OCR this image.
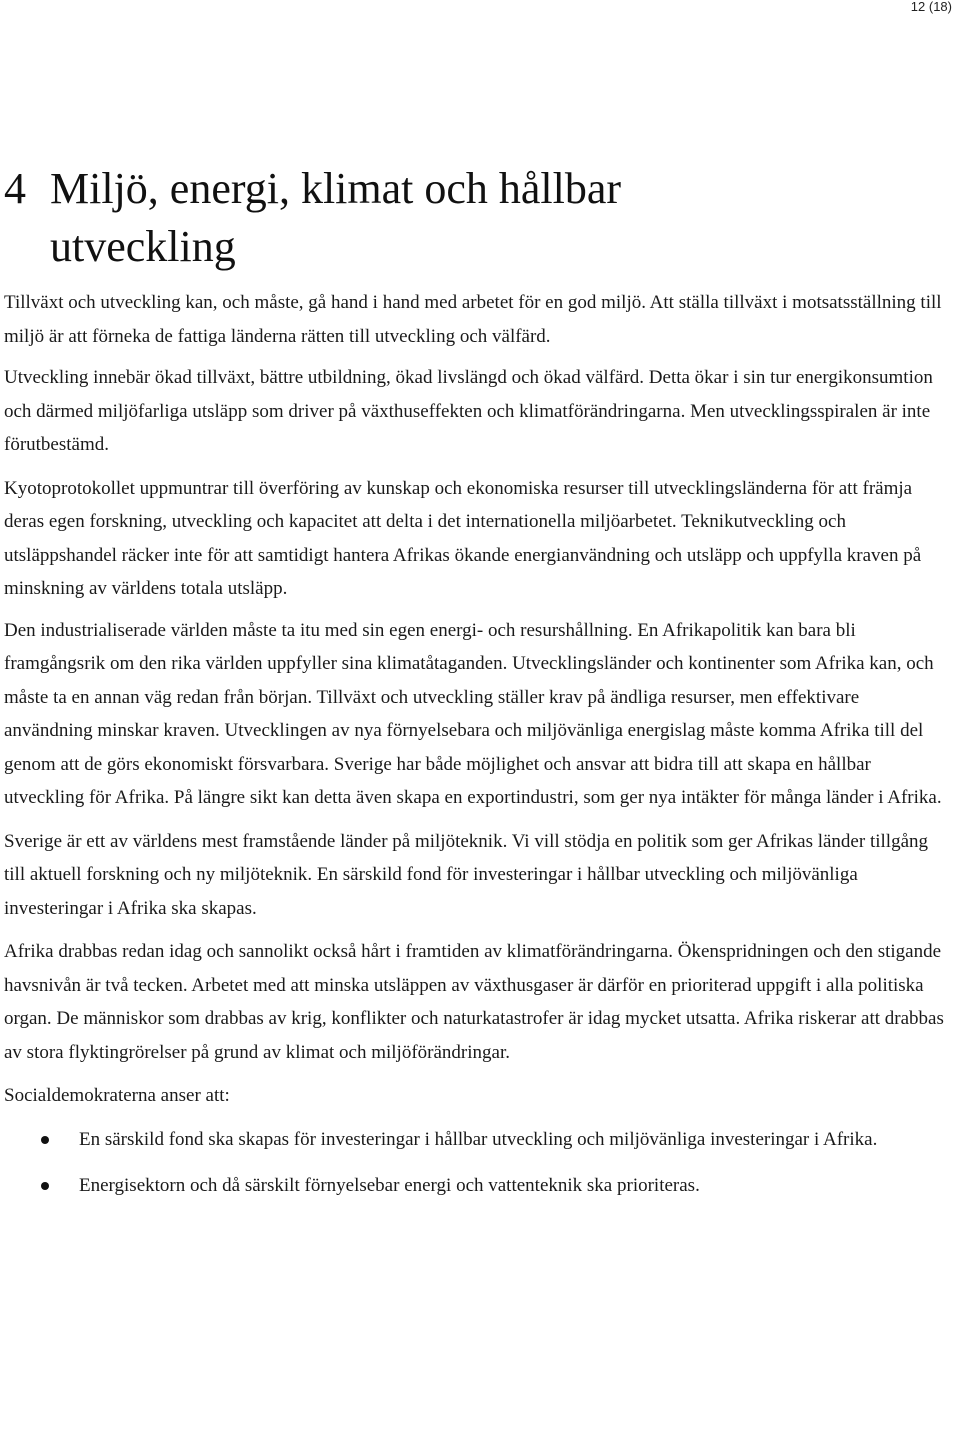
12 (18)
4 Miljö, energi, klimat och hållbar utveckling

Tillväxt och utveckling kan, och måste, gå hand i hand med arbetet för en god miljö. Att ställa tillväxt i motsatsställning till miljö är att förneka de fattiga länderna rätten till utveckling och välfärd.

Utveckling innebär ökad tillväxt, bättre utbildning, ökad livslängd och ökad välfärd. Detta ökar i sin tur energikonsumtion och därmed miljöfarliga utsläpp som driver på växthuseffekten och klimatförändringarna. Men utvecklingsspiralen är inte förutbestämd.

Kyotoprotokollet uppmuntrar till överföring av kunskap och ekonomiska resurser till utvecklingsländerna för att främja deras egen forskning, utveckling och kapacitet att delta i det internationella miljöarbetet. Teknikutveckling och utsläppshandel räcker inte för att samtidigt hantera Afrikas ökande energianvändning och utsläpp och uppfylla kraven på minskning av världens totala utsläpp.

Den industrialiserade världen måste ta itu med sin egen energi- och resurshållning. En Afrikapolitik kan bara bli framgångsrik om den rika världen uppfyller sina klimatåtaganden. Utvecklingsländer och kontinenter som Afrika kan, och måste ta en annan väg redan från början. Tillväxt och utveckling ställer krav på ändliga resurser, men effektivare användning minskar kraven. Utvecklingen av nya förnyelsebara och miljövänliga energislag måste komma Afrika till del genom att de görs ekonomiskt försvarbara. Sverige har både möjlighet och ansvar att bidra till att skapa en hållbar utveckling för Afrika. På längre sikt kan detta även skapa en exportindustri, som ger nya intäkter för många länder i Afrika.

Sverige är ett av världens mest framstående länder på miljöteknik. Vi vill stödja en politik som ger Afrikas länder tillgång till aktuell forskning och ny miljöteknik. En särskild fond för investeringar i hållbar utveckling och miljövänliga investeringar i Afrika ska skapas.

Afrika drabbas redan idag och sannolikt också hårt i framtiden av klimatförändringarna. Ökenspridningen och den stigande havsnivån är två tecken. Arbetet med att minska utsläppen av växthusgaser är därför en prioriterad uppgift i alla politiska organ. De människor som drabbas av krig, konflikter och naturkatastrofer är idag mycket utsatta. Afrika riskerar att drabbas av stora flyktingrörelser på grund av klimat och miljöförändringar.

Socialdemokraterna anser att:

En särskild fond ska skapas för investeringar i hållbar utveckling och miljövänliga investeringar i Afrika.
Energisektorn och då särskilt förnyelsebar energi och vattenteknik ska prioriteras.
